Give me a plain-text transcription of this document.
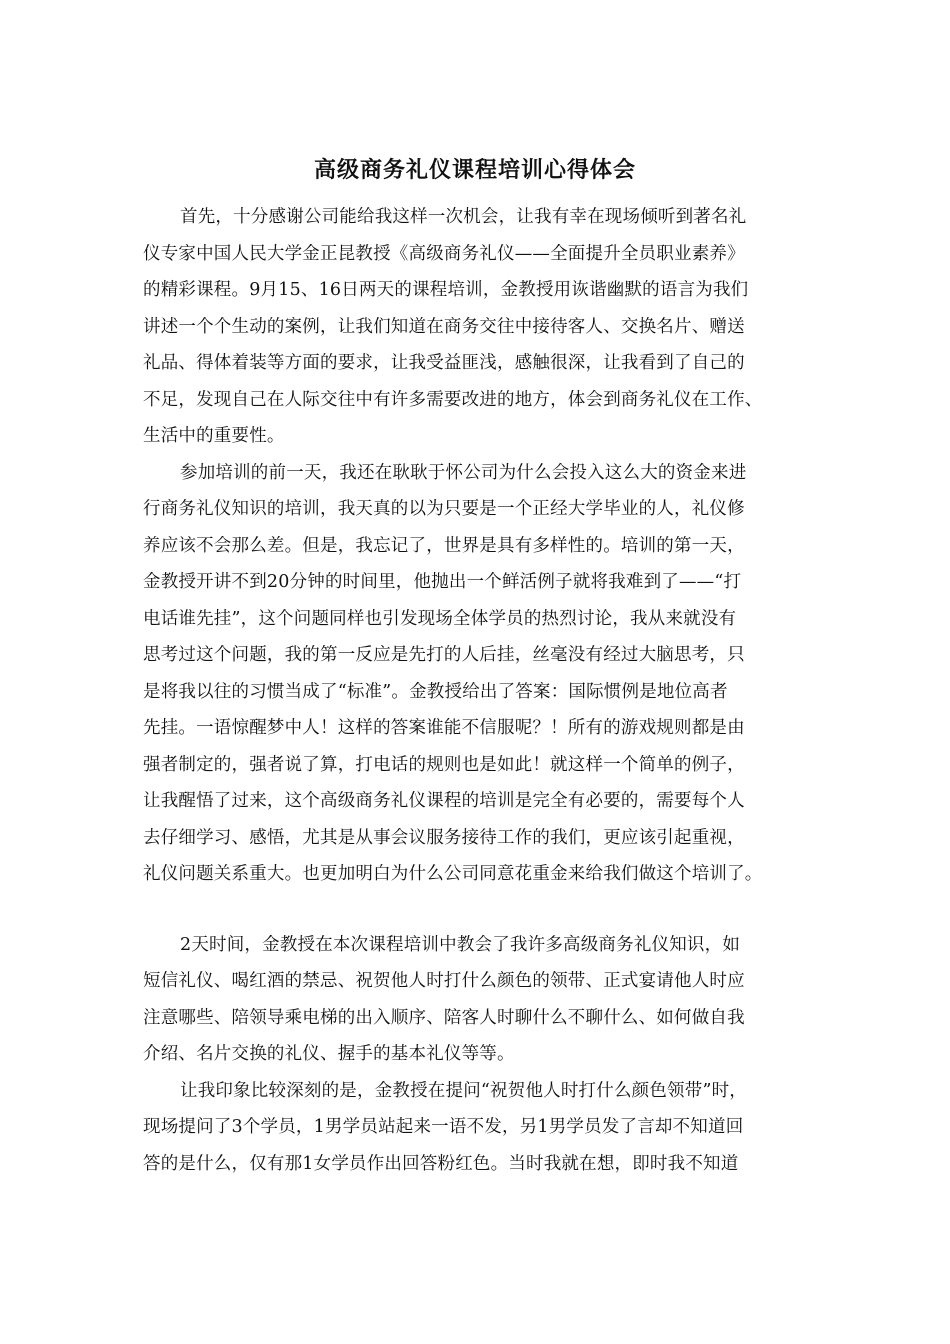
高级商务礼仪课程培训心得体会
首先，十分感谢公司能给我这样一次机会，让我有幸在现场倾听到著名礼
仪专家中国人民大学金正昆教授《高级商务礼仪——全面提升全员职业素养》
的精彩课程。9月15、16日两天的课程培训，金教授用诙谐幽默的语言为我们
讲述一个个生动的案例，让我们知道在商务交往中接待客人、交换名片、赠送
礼品、得体着装等方面的要求，让我受益匪浅，感触很深，让我看到了自己的
不足，发现自己在人际交往中有许多需要改进的地方，体会到商务礼仪在工作、
生活中的重要性。
参加培训的前一天，我还在耿耿于怀公司为什么会投入这么大的资金来进
行商务礼仪知识的培训，我天真的以为只要是一个正经大学毕业的人，礼仪修
养应该不会那么差。但是，我忘记了，世界是具有多样性的。培训的第一天，
金教授开讲不到20分钟的时间里，他抛出一个鲜活例子就将我难到了——“打
电话谁先挂”，这个问题同样也引发现场全体学员的热烈讨论，我从来就没有
思考过这个问题，我的第一反应是先打的人后挂，丝毫没有经过大脑思考，只
是将我以往的习惯当成了“标准”。金教授给出了答案：国际惯例是地位高者
先挂。一语惊醒梦中人！这样的答案谁能不信服呢？！所有的游戏规则都是由
强者制定的，强者说了算，打电话的规则也是如此！就这样一个简单的例子，
让我醒悟了过来，这个高级商务礼仪课程的培训是完全有必要的，需要每个人
去仔细学习、感悟，尤其是从事会议服务接待工作的我们，更应该引起重视，
礼仪问题关系重大。也更加明白为什么公司同意花重金来给我们做这个培训了。
2天时间，金教授在本次课程培训中教会了我许多高级商务礼仪知识，如
短信礼仪、喝红酒的禁忌、祝贺他人时打什么颜色的领带、正式宴请他人时应
注意哪些、陪领导乘电梯的出入顺序、陪客人时聊什么不聊什么、如何做自我
介绍、名片交换的礼仪、握手的基本礼仪等等。
让我印象比较深刻的是，金教授在提问“祝贺他人时打什么颜色领带”时，
现场提问了3个学员，1男学员站起来一语不发，另1男学员发了言却不知道回
答的是什么，仅有那1女学员作出回答粉红色。当时我就在想，即时我不知道
